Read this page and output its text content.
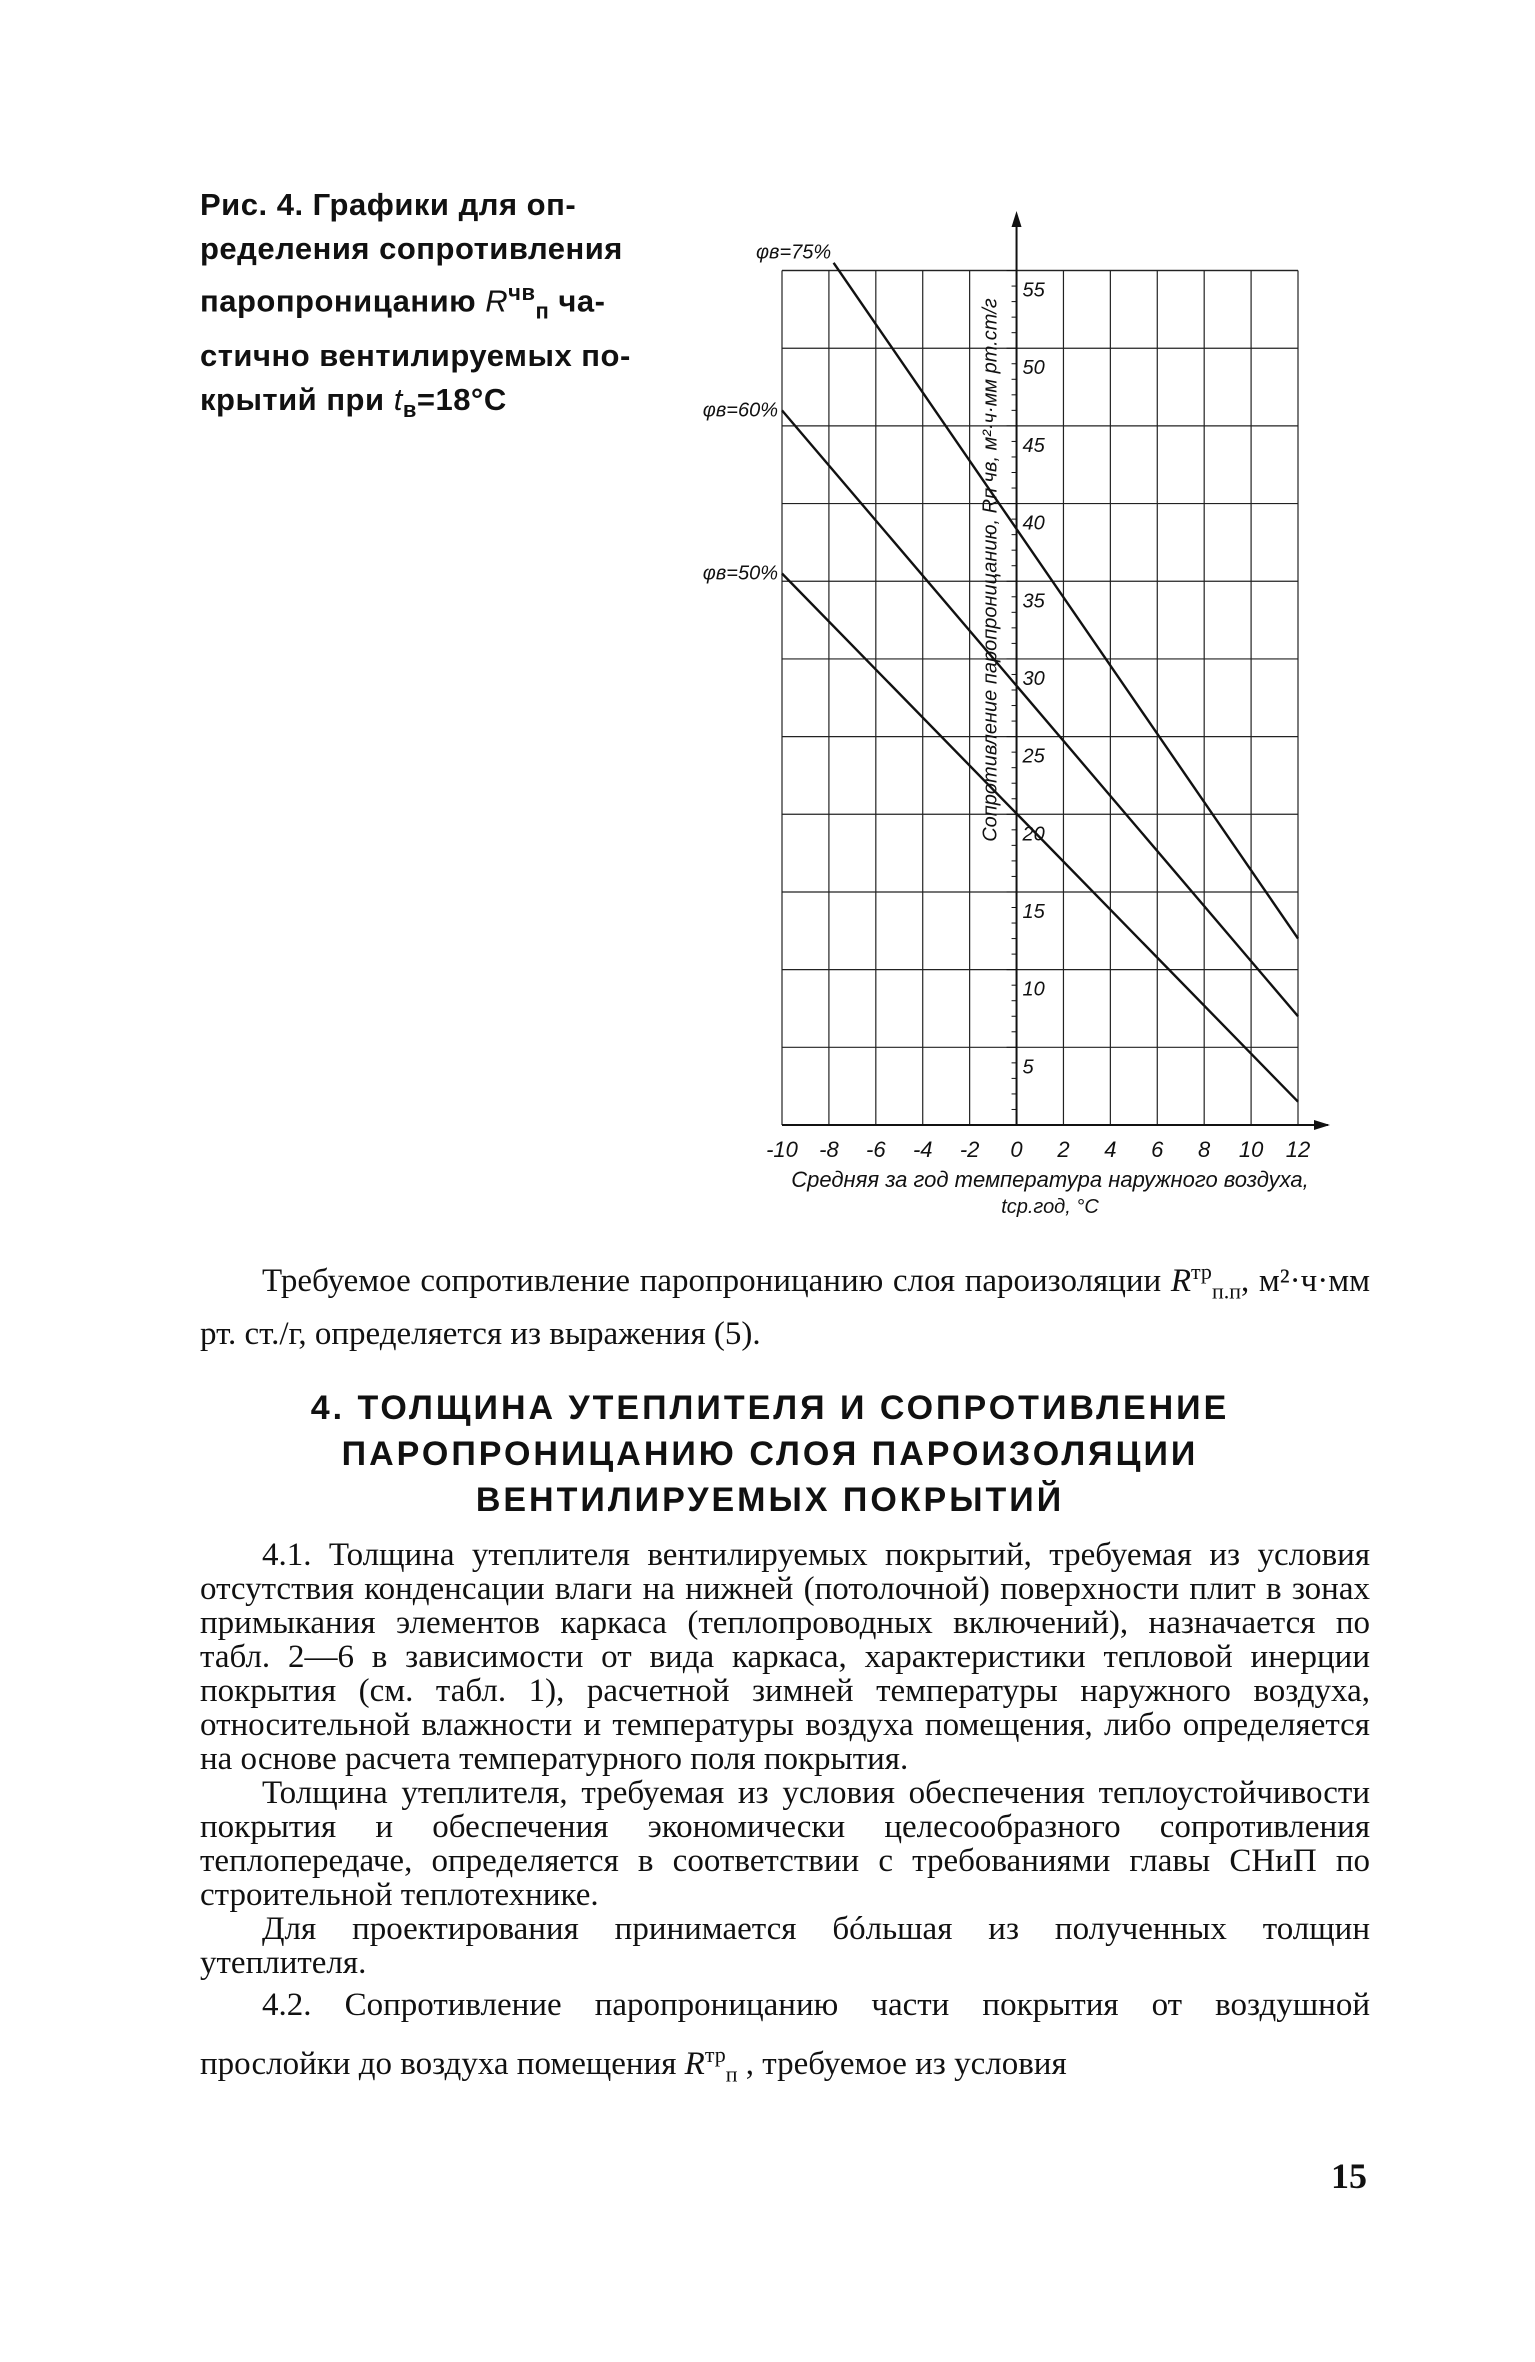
Рис. 4. Графики для оп-

ределения сопротивления

паропроницанию $R^{чв}_п$ ча-

стично вентилируемых по-

крытий при $t_в=18^\circ С$

5
10
15
20
25
30
35
40
45
50
55
-10 -8 -6 -4 -2 0 2 4 6 8 10 12
Средняя за год температура наружного воздуха,
tср.год, °С
Сопротивление паропроницанию, Rп чв, м²·ч·мм рт.ст/г
φв=75%
φв=60%
φв=50%

Требуемое сопротивление паропроницанию слоя пароизоляции $R^{тр}_{п.п}$, м²·ч·мм рт. ст./г, определяется из выражения (5).

4. ТОЛЩИНА УТЕПЛИТЕЛЯ И СОПРОТИВЛЕНИЕ
ПАРОПРОНИЦАНИЮ СЛОЯ ПАРОИЗОЛЯЦИИ
ВЕНТИЛИРУЕМЫХ ПОКРЫТИЙ

4.1. Толщина утеплителя вентилируемых покрытий, требуемая из условия отсутствия конденсации влаги на нижней (потолочной) поверхности плит в зонах примыкания элементов каркаса (теплопроводных включений), назначается по табл. 2—6 в зависимости от вида каркаса, характеристики тепловой инерции покрытия (см. табл. 1), расчетной зимней температуры наружного воздуха, относительной влажности и температуры воздуха помещения, либо определяется на основе расчета температурного поля покрытия.

Толщина утеплителя, требуемая из условия обеспечения теплоустойчивости покрытия и обеспечения экономически целесообразного сопротивления теплопередаче, определяется в соответствии с требованиями главы СНиП по строительной теплотехнике.

Для проектирования принимается бóльшая из полученных толщин утеплителя.

4.2. Сопротивление паропроницанию части покрытия от воздушной прослойки до воздуха помещения $R^{тр}_п$ , требуемое из условия

15
